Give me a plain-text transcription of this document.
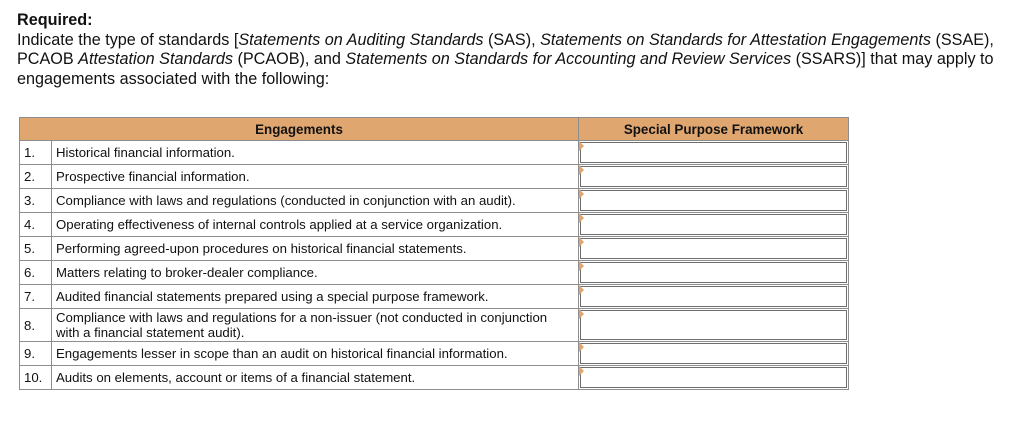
Required:
Indicate the type of standards [Statements on Auditing Standards (SAS), Statements on Standards for Attestation Engagements (SSAE), PCAOB Attestation Standards (PCAOB), and Statements on Standards for Accounting and Review Services (SSARS)] that may apply to engagements associated with the following:
Engagements		Special Purpose Framework
1.	Historical financial information.	

2.	Prospective financial information.	

3.	Compliance with laws and regulations (conducted in conjunction with an audit).	

4.	Operating effectiveness of internal controls applied at a service organization.	

5.	Performing agreed-upon procedures on historical financial statements.	

6.	Matters relating to broker-dealer compliance.	

7.	Audited financial statements prepared using a special purpose framework.	

8.	Compliance with laws and regulations for a non-issuer (not conducted in conjunction with a financial statement audit).	

9.	Engagements lesser in scope than an audit on historical financial information.	

10.	Audits on elements, account or items of a financial statement.	
